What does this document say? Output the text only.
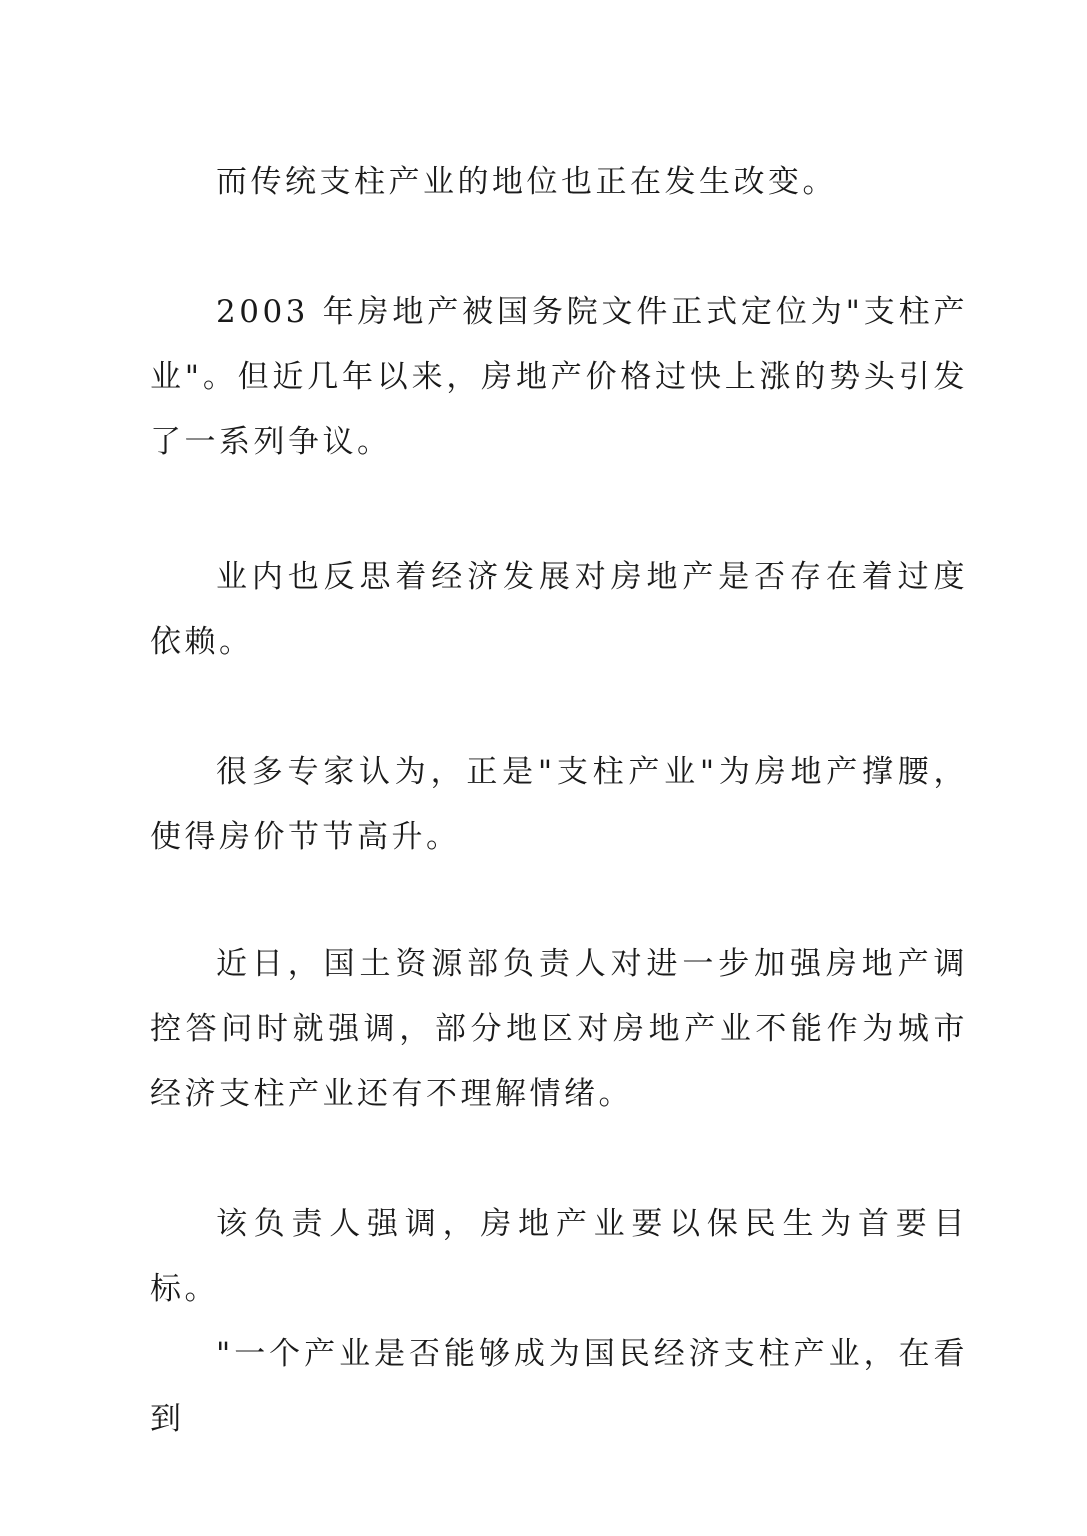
而传统支柱产业的地位也正在发生改变。

2003 年房地产被国务院文件正式定位为"支柱产业"。但近几年以来，房地产价格过快上涨的势头引发了一系列争议。

业内也反思着经济发展对房地产是否存在着过度依赖。

很多专家认为，正是"支柱产业"为房地产撑腰，使得房价节节高升。

近日，国土资源部负责人对进一步加强房地产调控答问时就强调，部分地区对房地产业不能作为城市经济支柱产业还有不理解情绪。

该负责人强调，房地产业要以保民生为首要目标。

"一个产业是否能够成为国民经济支柱产业，在看到
